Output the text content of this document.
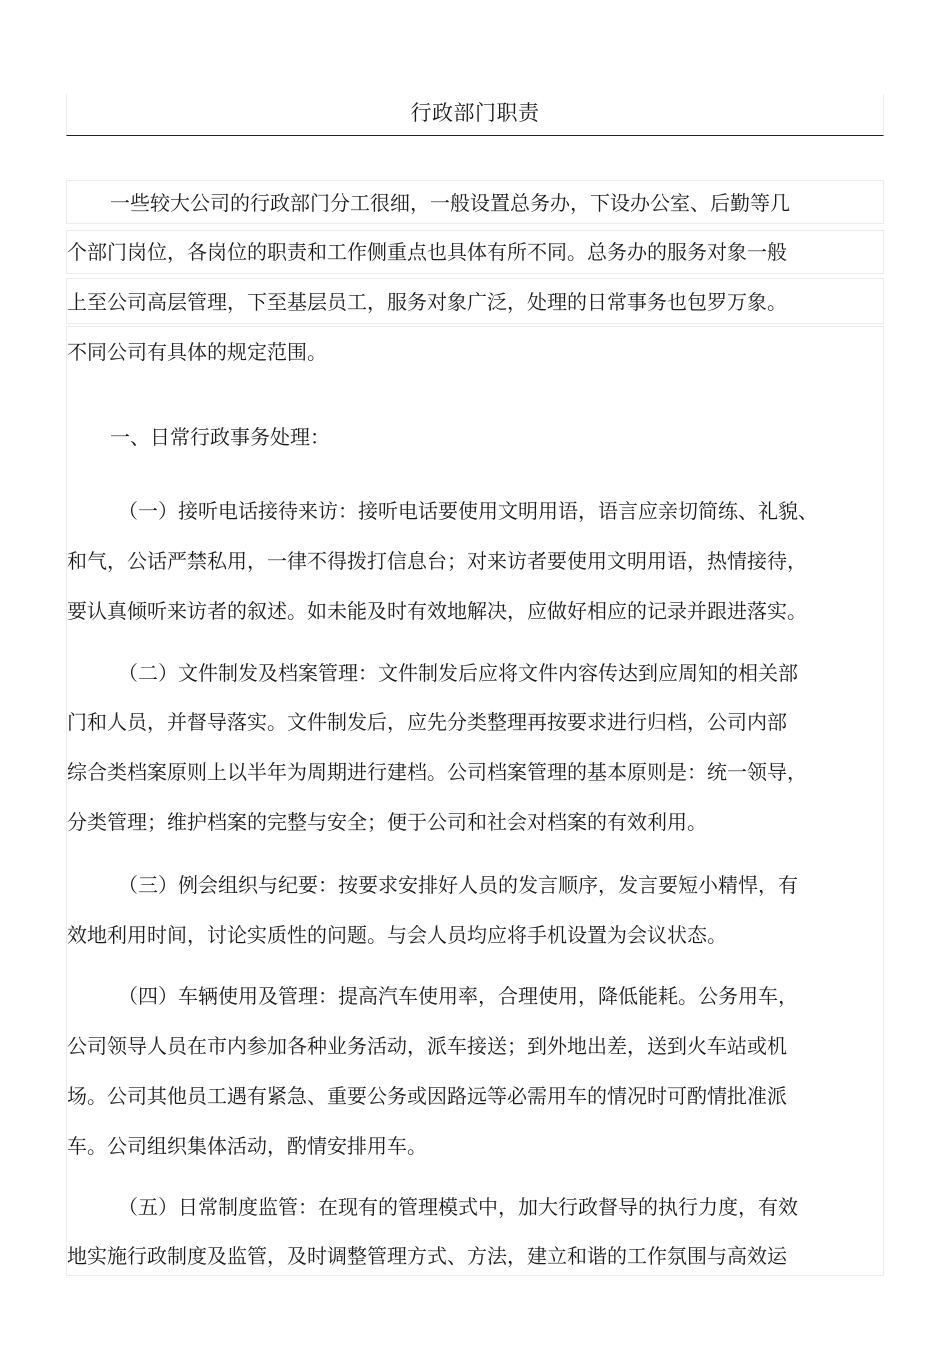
行政部门职责
一些较大公司的行政部门分工很细，一般设置总务办，下设办公室、后勤等几
个部门岗位，各岗位的职责和工作侧重点也具体有所不同。总务办的服务对象一般
上至公司高层管理，下至基层员工，服务对象广泛，处理的日常事务也包罗万象。
不同公司有具体的规定范围。
一、日常行政事务处理：
（一）接听电话接待来访：接听电话要使用文明用语，语言应亲切简练、礼貌、
和气，公话严禁私用，一律不得拨打信息台；对来访者要使用文明用语，热情接待，
要认真倾听来访者的叙述。如未能及时有效地解决，应做好相应的记录并跟进落实。
（二）文件制发及档案管理：文件制发后应将文件内容传达到应周知的相关部
门和人员，并督导落实。文件制发后，应先分类整理再按要求进行归档，公司内部
综合类档案原则上以半年为周期进行建档。公司档案管理的基本原则是：统一领导，
分类管理；维护档案的完整与安全；便于公司和社会对档案的有效利用。
（三）例会组织与纪要：按要求安排好人员的发言顺序，发言要短小精悍，有
效地利用时间，讨论实质性的问题。与会人员均应将手机设置为会议状态。
（四）车辆使用及管理：提高汽车使用率，合理使用，降低能耗。公务用车，
公司领导人员在市内参加各种业务活动，派车接送；到外地出差，送到火车站或机
场。公司其他员工遇有紧急、重要公务或因路远等必需用车的情况时可酌情批准派
车。公司组织集体活动，酌情安排用车。
（五）日常制度监管：在现有的管理模式中，加大行政督导的执行力度，有效
地实施行政制度及监管，及时调整管理方式、方法，建立和谐的工作氛围与高效运
